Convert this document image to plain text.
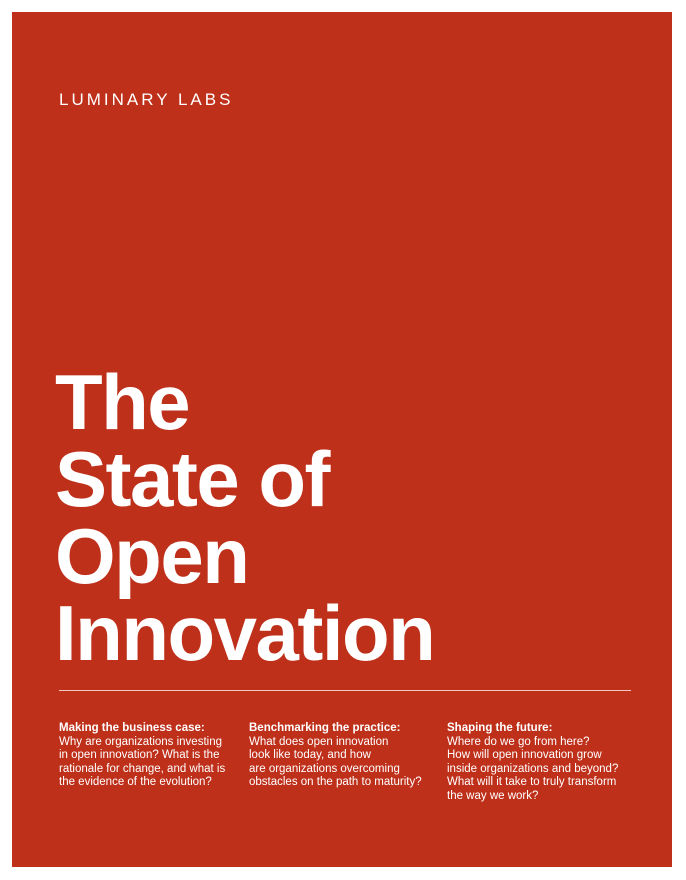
LUMINARY LABS
The
State of
Open
Innovation
Making the business case:
Why are organizations investing
in open innovation? What is the
rationale for change, and what is
the evidence of the evolution?
Benchmarking the practice:
What does open innovation
look like today, and how
are organizations overcoming
obstacles on the path to maturity?
Shaping the future:
Where do we go from here?
How will open innovation grow
inside organizations and beyond?
What will it take to truly transform
the way we work?
